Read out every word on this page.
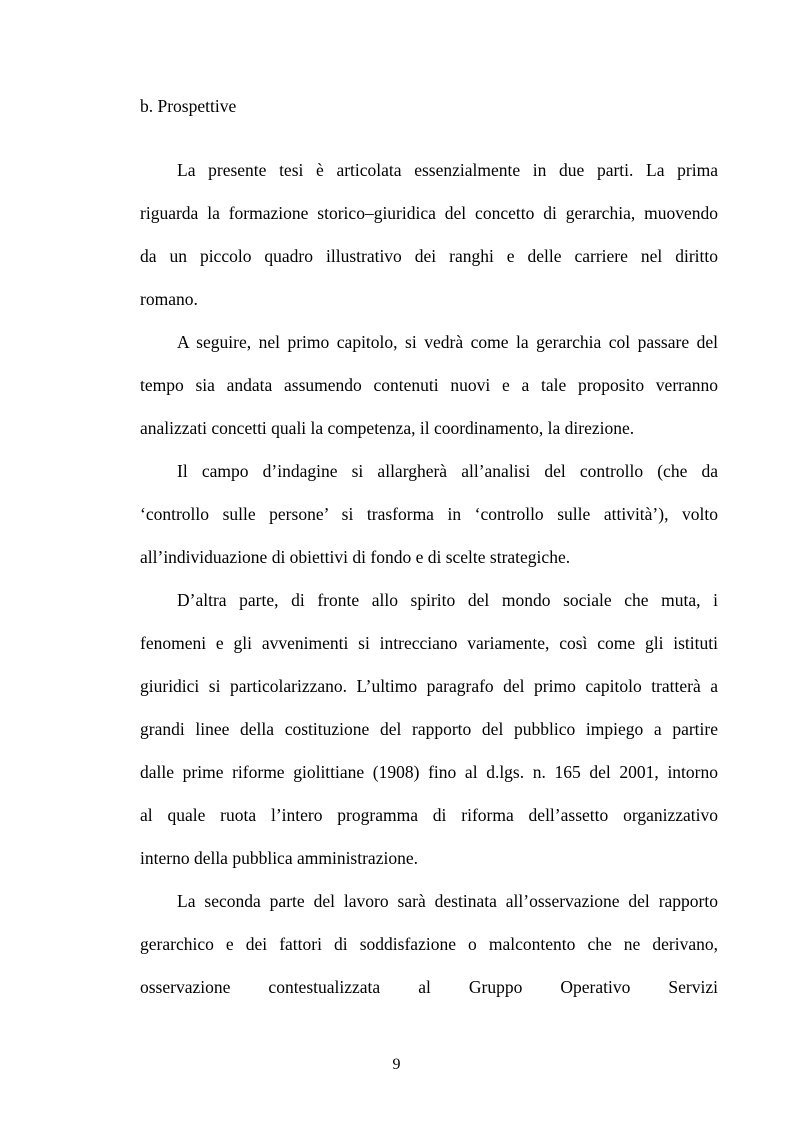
b. Prospettive
La presente tesi è articolata essenzialmente in due parti. La prima
riguarda la formazione storico–giuridica del concetto di gerarchia, muovendo
da un piccolo quadro illustrativo dei ranghi e delle carriere nel diritto
romano.
A seguire, nel primo capitolo, si vedrà come la gerarchia col passare del
tempo sia andata assumendo contenuti nuovi e a tale proposito verranno
analizzati concetti quali la competenza, il coordinamento, la direzione.
Il campo d’indagine si allargherà all’analisi del controllo (che da
‘controllo sulle persone’ si trasforma in ‘controllo sulle attività’), volto
all’individuazione di obiettivi di fondo e di scelte strategiche.
D’altra parte, di fronte allo spirito del mondo sociale che muta, i
fenomeni e gli avvenimenti si intrecciano variamente, così come gli istituti
giuridici si particolarizzano. L’ultimo paragrafo del primo capitolo tratterà a
grandi linee della costituzione del rapporto del pubblico impiego a partire
dalle prime riforme giolittiane (1908) fino al d.lgs. n. 165 del 2001, intorno
al quale ruota l’intero programma di riforma dell’assetto organizzativo
interno della pubblica amministrazione.
La seconda parte del lavoro sarà destinata all’osservazione del rapporto
gerarchico e dei fattori di soddisfazione o malcontento che ne derivano,
osservazione contestualizzata al Gruppo Operativo Servizi
9
